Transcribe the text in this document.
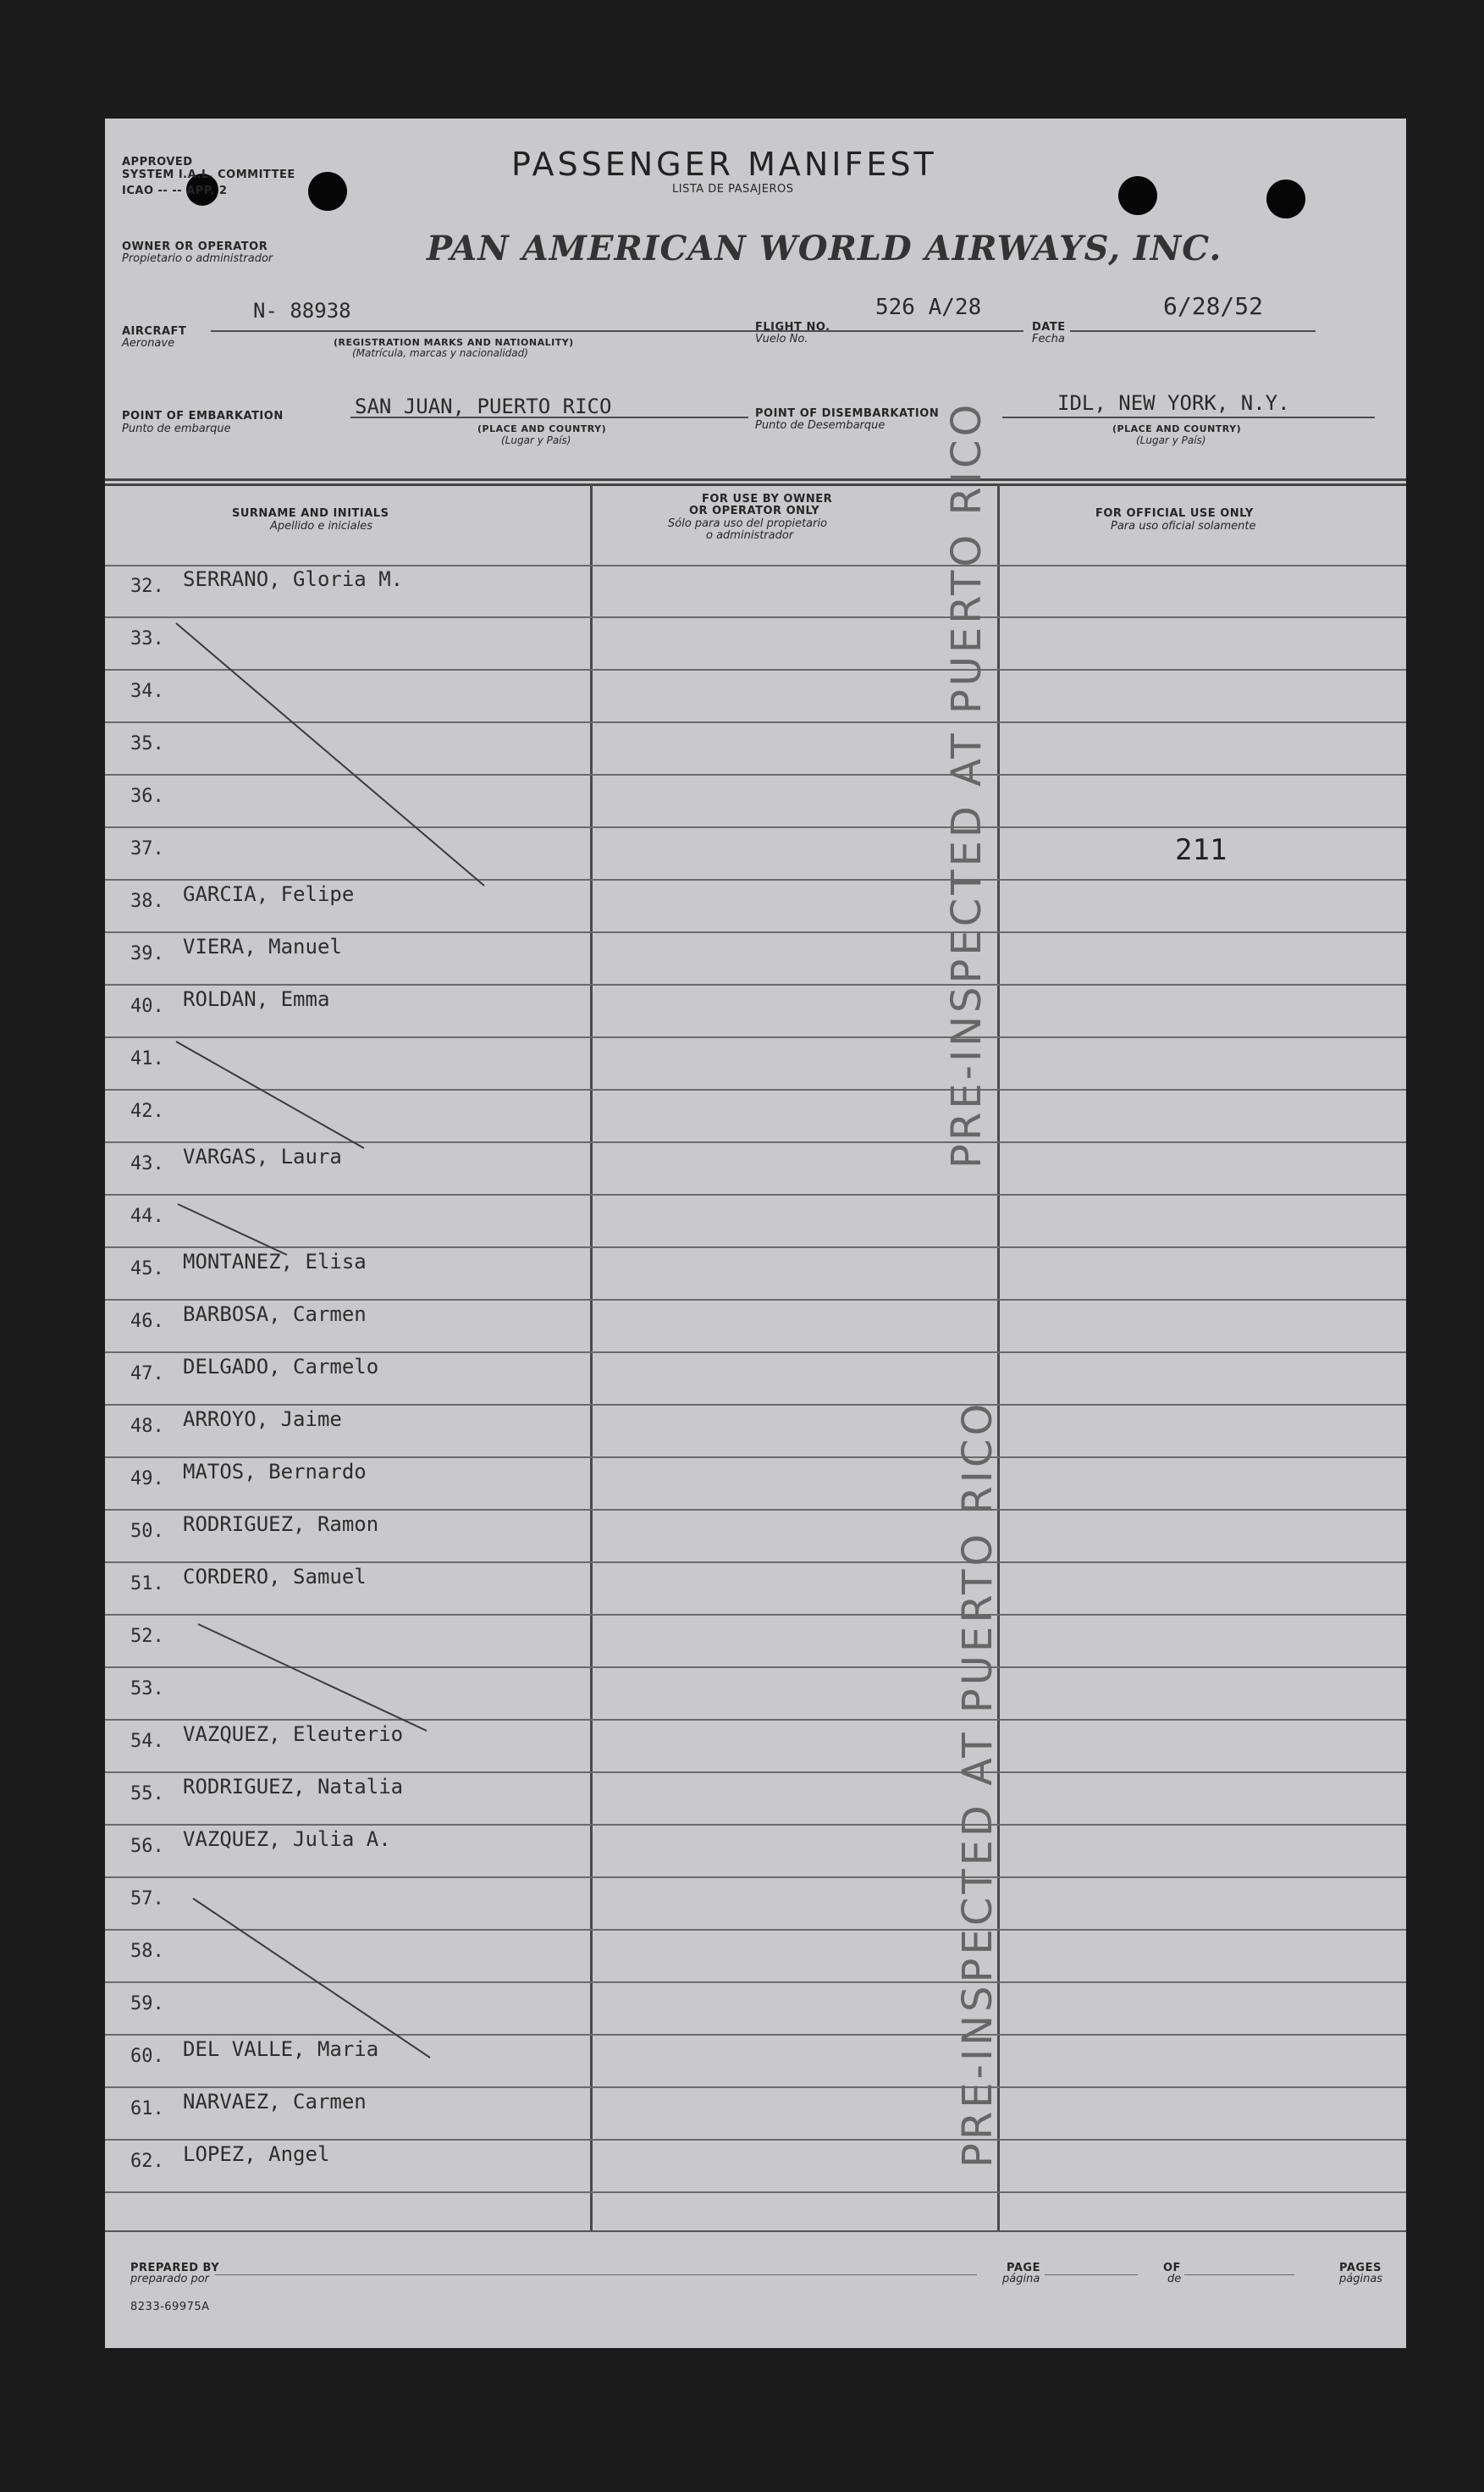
APPROVED
SYSTEM I.A.L. COMMITTEE
ICAO -- -- APP. 2
PASSENGER MANIFEST
LISTA DE PASAJEROS
OWNER OR OPERATOR
Propietario o administrador	PAN AMERICAN WORLD AIRWAYS, INC.
AIRCRAFT
Aeronave
N- 88938
(REGISTRATION MARKS AND NATIONALITY)
(Matrícula, marcas y nacionalidad)
FLIGHT NO.
Vuelo No.
526 A/28
DATE
Fecha
6/28/52
POINT OF EMBARKATION
Punto de embarque
SAN JUAN, PUERTO RICO
(PLACE AND COUNTRY)
(Lugar y País)
POINT OF DISEMBARKATION
Punto de Desembarque
IDL, NEW YORK, N.Y.
(PLACE AND COUNTRY)
(Lugar y País)
SURNAME AND INITIALS
Apellido e iniciales
FOR USE BY OWNER
OR OPERATOR ONLY
Sólo para uso del propietario
o administrador
FOR OFFICIAL USE ONLY
Para uso oficial solamente
32. SERRANO, Gloria M.
33.
34.
35.
36.
37.
38. GARCIA, Felipe
39. VIERA, Manuel
40. ROLDAN, Emma
41.
42.
43. VARGAS, Laura
44.
45. MONTANEZ, Elisa
46. BARBOSA, Carmen
47. DELGADO, Carmelo
48. ARROYO, Jaime
49. MATOS, Bernardo
50. RODRIGUEZ, Ramon
51. CORDERO, Samuel
52.
53.
54. VAZQUEZ, Eleuterio
55. RODRIGUEZ, Natalia
56. VAZQUEZ, Julia A.
57.
58.
59.
60. DEL VALLE, Maria
61. NARVAEZ, Carmen
62. LOPEZ, Angel
211
PRE-INSPECTED AT PUERTO RICO
PRE-INSPECTED AT PUERTO RICO
PREPARED BY
preparado por
PAGE
página
OF
de
PAGES
páginas
8233-69975A
